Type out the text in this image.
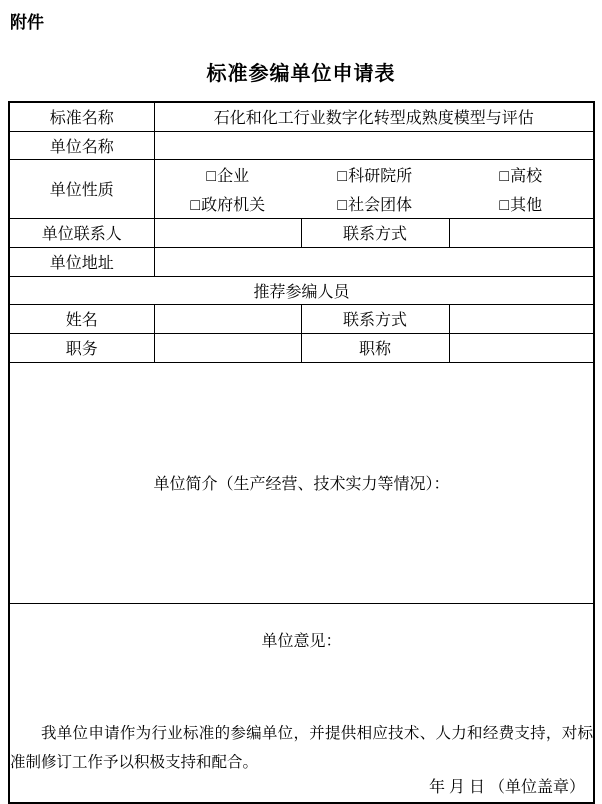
附件
标准参编单位申请表
标准名称	石化和化工行业数字化转型成熟度模型与评估		
单位名称			
单位性质	
□企业	□科研院所	□高校
□政府机关	□社会团体	□其他

单位联系人		联系方式	
单位地址			
推荐参编人员			
姓名		联系方式	
职务		职称	

单位简介（生产经营、技术实力等情况）：			

单位意见：

我单位申请作为行业标准的参编单位，并提供相应技术、人力和经费支持，对标准制修订工作予以积极支持和配合。

年 月 日 （单位盖章）			
